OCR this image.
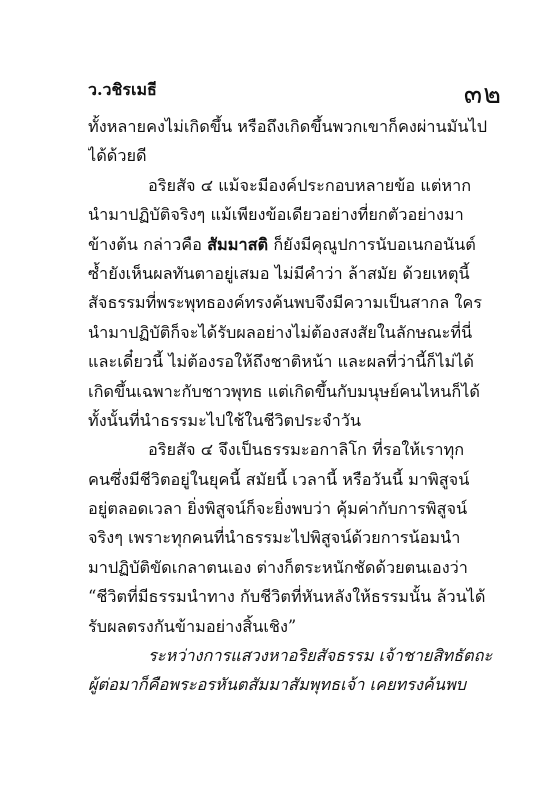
ว.วชิรเมธี	๓๒
ทั้งหลายคงไม่เกิดขึ้น หรือถึงเกิดขึ้นพวกเขาก็คงผ่านมันไป
ได้ด้วยดี
อริยสัจ ๔ แม้จะมีองค์ประกอบหลายข้อ แต่หาก
นำมาปฏิบัติจริงๆ แม้เพียงข้อเดียวอย่างที่ยกตัวอย่างมา
ข้างต้น กล่าวคือ สัมมาสติ ก็ยังมีคุณูปการนับอเนกอนันต์
ซ้ำยังเห็นผลทันตาอยู่เสมอ ไม่มีคำว่า ล้าสมัย ด้วยเหตุนี้
สัจธรรมที่พระพุทธองค์ทรงค้นพบจึงมีความเป็นสากล ใคร
นำมาปฏิบัติก็จะได้รับผลอย่างไม่ต้องสงสัยในลักษณะที่นี่
และเดี๋ยวนี้ ไม่ต้องรอให้ถึงชาติหน้า และผลที่ว่านี้ก็ไม่ได้
เกิดขึ้นเฉพาะกับชาวพุทธ แต่เกิดขึ้นกับมนุษย์คนไหนก็ได้
ทั้งนั้นที่นำธรรมะไปใช้ในชีวิตประจำวัน
อริยสัจ ๔ จึงเป็นธรรมะอกาลิโก ที่รอให้เราทุก
คนซึ่งมีชีวิตอยู่ในยุคนี้ สมัยนี้ เวลานี้ หรือวันนี้ มาพิสูจน์
อยู่ตลอดเวลา ยิ่งพิสูจน์ก็จะยิ่งพบว่า คุ้มค่ากับการพิสูจน์
จริงๆ เพราะทุกคนที่นำธรรมะไปพิสูจน์ด้วยการน้อมนำ
มาปฏิบัติขัดเกลาตนเอง ต่างก็ตระหนักชัดด้วยตนเองว่า
“ชีวิตที่มีธรรมนำทาง กับชีวิตที่หันหลังให้ธรรมนั้น ล้วนได้
รับผลตรงกันข้ามอย่างสิ้นเชิง”
ระหว่างการแสวงหาอริยสัจธรรม เจ้าชายสิทธัตถะ
ผู้ต่อมาก็คือพระอรหันตสัมมาสัมพุทธเจ้า เคยทรงค้นพบ
